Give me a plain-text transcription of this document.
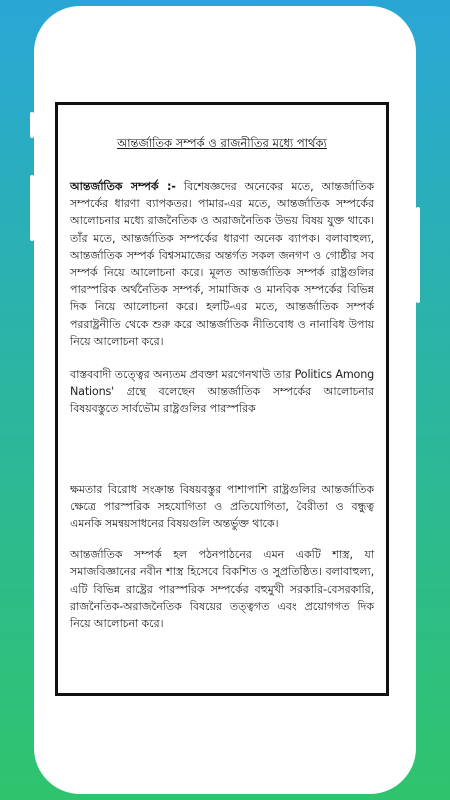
আন্তর্জাতিক সম্পর্ক ও রাজনীতির মধ্যে পার্থক্য

আন্তর্জাতিক সম্পর্ক :- বিশেষজ্ঞদের অনেকের মতে, আন্তর্জাতিক সম্পর্কের ধারণা ব্যাপকতর। পামার-এর মতে, আন্তর্জাতিক সম্পর্কের আলোচনার মধ্যে রাজনৈতিক ও অরাজনৈতিক উভয় বিষয় যুক্ত থাকে। তাঁর মতে, আন্তর্জাতিক সম্পর্কের ধারণা অনেক ব্যাপক। বলাবাহুল্য, আন্তর্জাতিক সম্পর্ক বিশ্বসমাজের অন্তর্গত সকল জনগণ ও গোষ্ঠীর সব সম্পর্ক নিয়ে আলোচনা করে। মূলত আন্তর্জাতিক সম্পর্ক রাষ্ট্রগুলির পারস্পরিক অর্থনৈতিক সম্পর্ক, সামাজিক ও মানবিক সম্পর্কের বিভিন্ন দিক নিয়ে আলোচনা করে। হলটি-এর মতে, আন্তর্জাতিক সম্পর্ক পররাষ্ট্রনীতি থেকে শুরু করে আন্তর্জাতিক নীতিবোধ ও নানাবিধ উপায় নিয়ে আলোচনা করে।

বাস্তববাদী তত্ত্বের অন্যতম প্রবক্তা মরগেনথাউ তার Politics Among Nations' গ্রন্থে বলেছেন আন্তর্জাতিক সম্পর্কের আলোচনার বিষয়বস্তুতে সার্বভৌম রাষ্ট্রগুলির পারস্পরিক

ক্ষমতার বিরোধ সংক্রান্ত বিষয়বস্তুর পাশাপাশি রাষ্ট্রগুলির আন্তর্জাতিক ক্ষেত্রে পারস্পরিক সহযোগিতা ও প্রতিযোগিতা, বৈরীতা ও বন্ধুত্ব এমনকি সমন্বয়সাধনের বিষয়গুলি অন্তর্ভুক্ত থাকে।

আন্তর্জাতিক সম্পর্ক হল পঠনপাঠনের এমন একটি শাস্ত্র, যা সমাজবিজ্ঞানের নবীন শাস্ত্র হিসেবে বিকশিত ও সুপ্রতিষ্ঠিত। বলাবাহুল্য, এটি বিভিন্ন রাষ্ট্রের পারস্পরিক সম্পর্কের বহুমুখী সরকারি-বেসরকারি, রাজনৈতিক-অরাজনৈতিক বিষয়ের তত্ত্বগত এবং প্রয়োগগত দিক নিয়ে আলোচনা করে।
